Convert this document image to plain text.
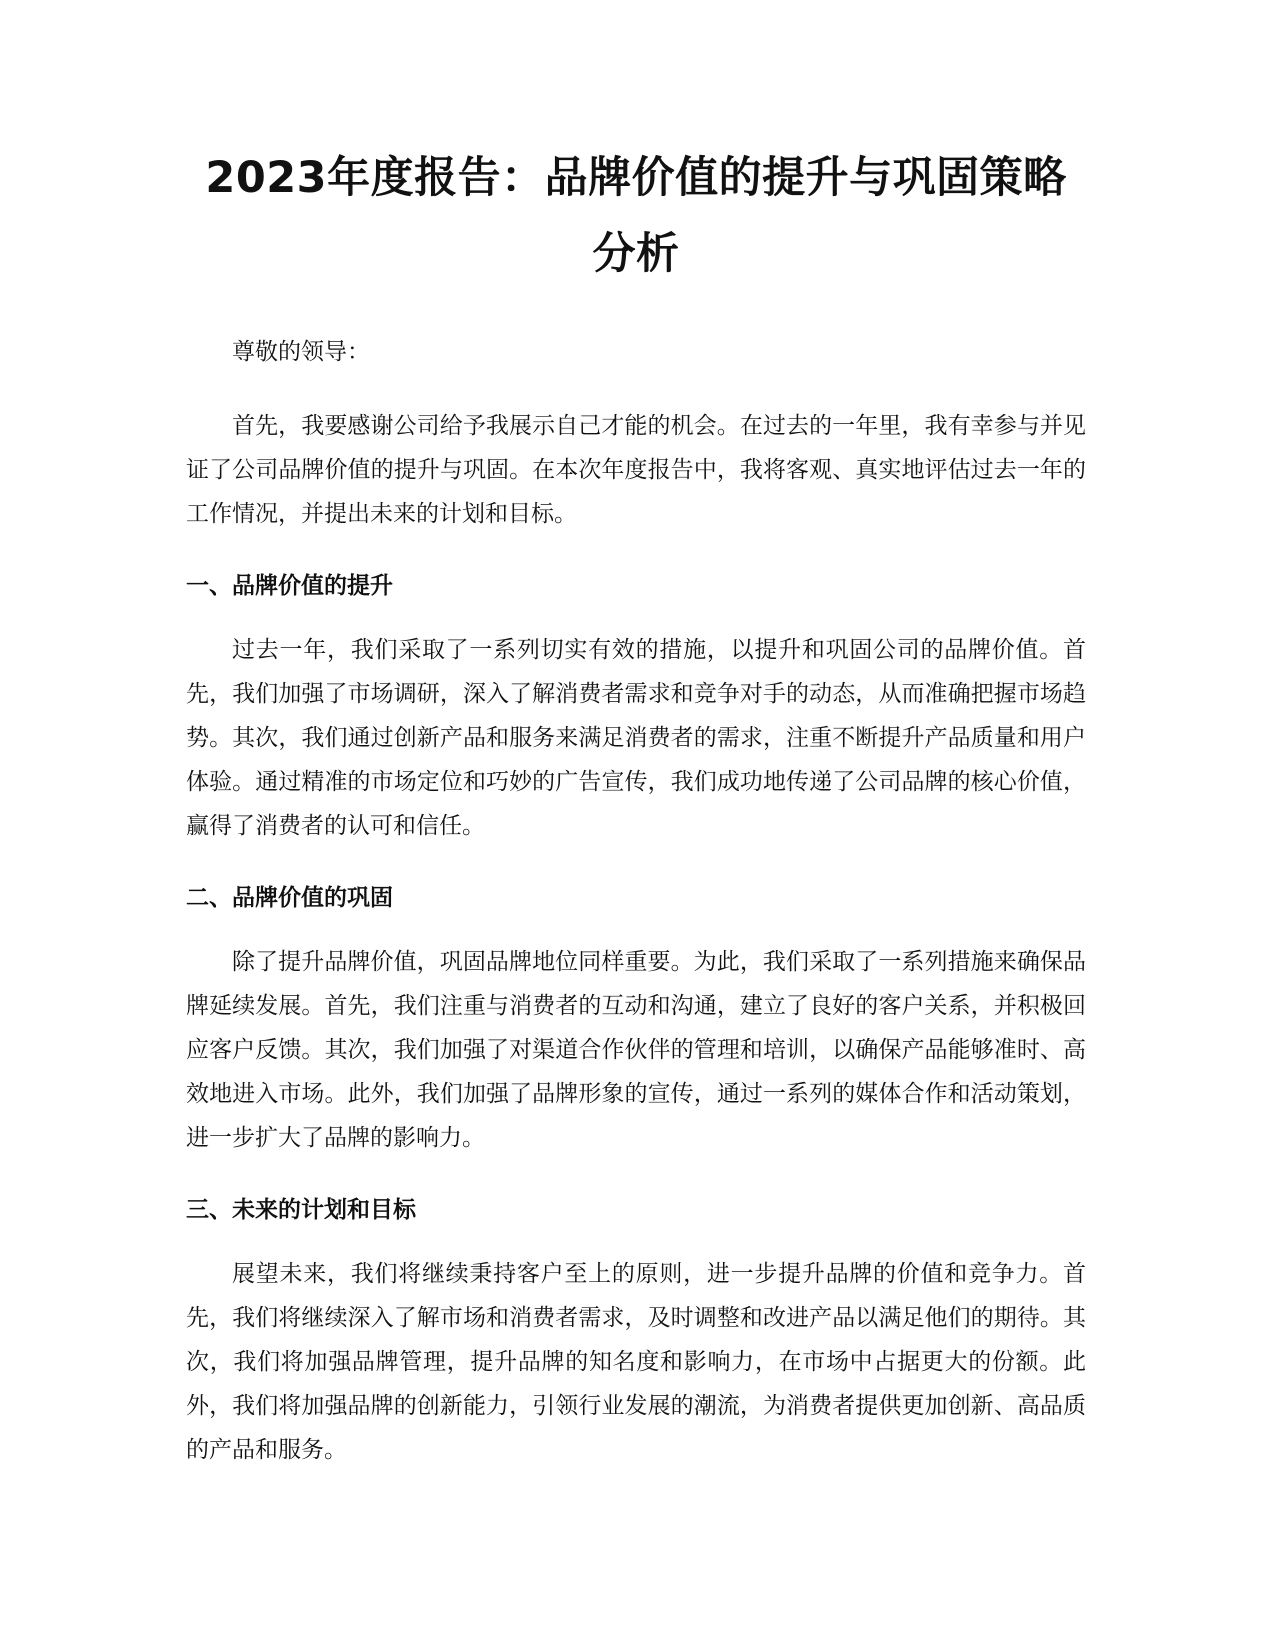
2023年度报告：品牌价值的提升与巩固策略分析

尊敬的领导：

首先，我要感谢公司给予我展示自己才能的机会。在过去的一年里，我有幸参与并见证了公司品牌价值的提升与巩固。在本次年度报告中，我将客观、真实地评估过去一年的工作情况，并提出未来的计划和目标。

一、品牌价值的提升

过去一年，我们采取了一系列切实有效的措施，以提升和巩固公司的品牌价值。首先，我们加强了市场调研，深入了解消费者需求和竞争对手的动态，从而准确把握市场趋势。其次，我们通过创新产品和服务来满足消费者的需求，注重不断提升产品质量和用户体验。通过精准的市场定位和巧妙的广告宣传，我们成功地传递了公司品牌的核心价值，赢得了消费者的认可和信任。

二、品牌价值的巩固

除了提升品牌价值，巩固品牌地位同样重要。为此，我们采取了一系列措施来确保品牌延续发展。首先，我们注重与消费者的互动和沟通，建立了良好的客户关系，并积极回应客户反馈。其次，我们加强了对渠道合作伙伴的管理和培训，以确保产品能够准时、高效地进入市场。此外，我们加强了品牌形象的宣传，通过一系列的媒体合作和活动策划，进一步扩大了品牌的影响力。

三、未来的计划和目标

展望未来，我们将继续秉持客户至上的原则，进一步提升品牌的价值和竞争力。首先，我们将继续深入了解市场和消费者需求，及时调整和改进产品以满足他们的期待。其次，我们将加强品牌管理，提升品牌的知名度和影响力，在市场中占据更大的份额。此外，我们将加强品牌的创新能力，引领行业发展的潮流，为消费者提供更加创新、高品质的产品和服务。
